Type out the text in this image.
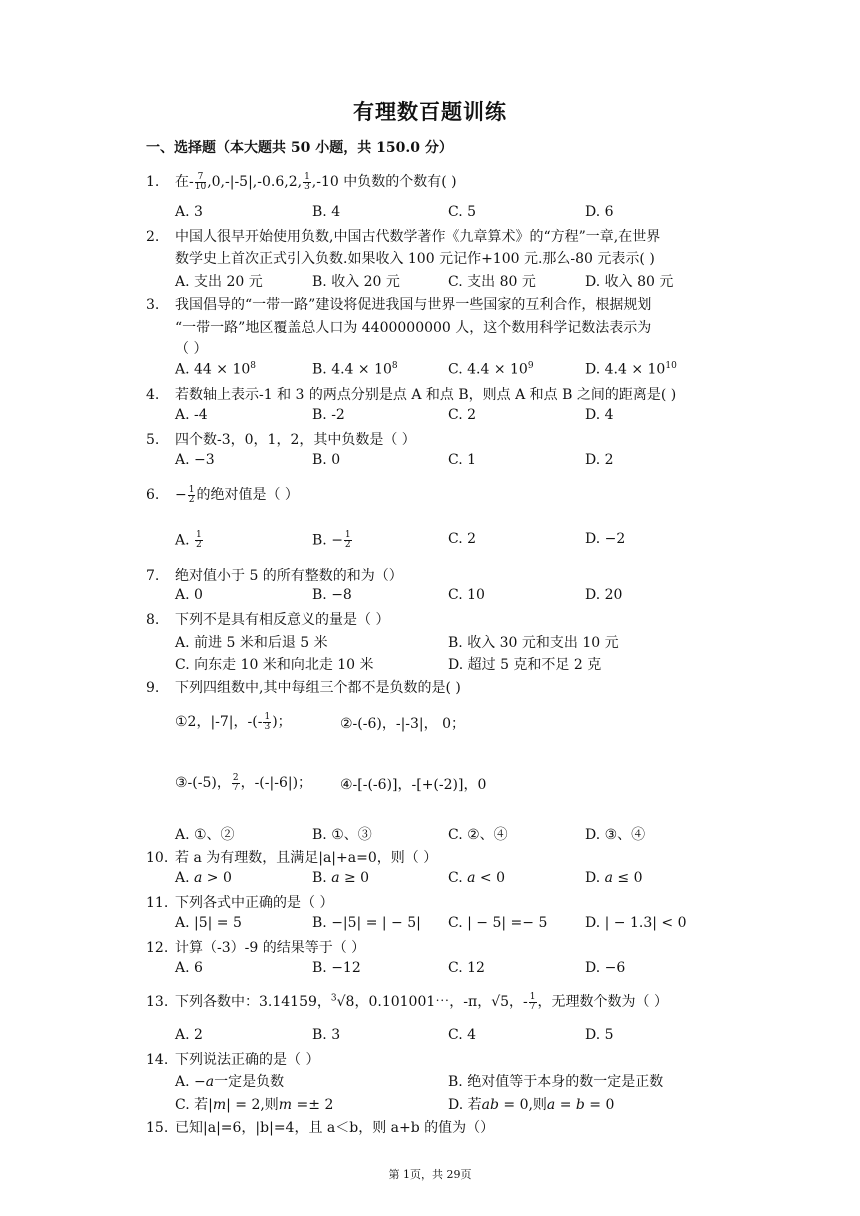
有理数百题训练
一、选择题（本大题共 50 小题，共 150.0 分）
1. 在- $\frac{7}{10} ,0,-|-5|,-0.6,2$, $\frac{1}{3} ,-10$ 中负数的个数有( )
A. 3	B. 4	C. 5	D. 6
2. 中国人很早开始使用负数,中国古代数学著作《九章算术》的“方程”一章,在世界
数学史上首次正式引入负数.如果收入 100 元记作+100 元.那么-80 元表示( )
A. 支出 20 元	B. 收入 20 元	C. 支出 80 元	D. 收入 80 元
3. 我国倡导的“一带一路”建设将促进我国与世界一些国家的互利合作，根据规划
“一带一路”地区覆盖总人口为 4400000000 人，这个数用科学记数法表示为
（ ）
A. $44 \times 10^8$	B. $4.4 \times 10^8$	C. $4.4 \times 10^9$	D. $4.4 \times 10^{10}$
4. 若数轴上表示-1 和 3 的两点分别是点 A 和点 B，则点 A 和点 B 之间的距离是( )
A. -4	B. -2	C. 2	D. 4
5. 四个数-3，0，1，2，其中负数是（ ）
A. −3	B. 0	C. 1	D. 2
6. − $\frac{1}{2}$ 的绝对值是（ ）
A. $\frac{1}{2}$	B. − $\frac{1}{2}$	C. 2	D. −2
7. 绝对值小于 5 的所有整数的和为（）
A. 0	B. −8	C. 10	D. 20
8. 下列不是具有相反意义的量是（ ）
A. 前进 5 米和后退 5 米	B. 收入 30 元和支出 10 元
C. 向东走 10 米和向北走 10 米	D. 超过 5 克和不足 2 克
9. 下列四组数中,其中每组三个都不是负数的是( )
①2，|-7|，-(- $\frac{1}{3}$ )；	②-(-6)，-|-3|， 0；
③-(-5)， $\frac{2}{7}$ ，-(-|-6|)； ④-[-(-6)]，-[+(-2)]，0
A. ①、②	B. ①、③	C. ②、④	D. ③、④
10. 若 a 为有理数，且满足|a|+a=0，则（ ）
A. 𝑎 > 0	B. 𝑎 ≥ 0	C. 𝑎 < 0	D. 𝑎 ≤ 0
11. 下列各式中正确的是（ ）
A. |5| = 5	B. −|5| = | − 5| C. | − 5| =− 5	D. | − 1.3| < 0
12. 计算（-3）-9 的结果等于（ ）
A. 6	B. −12	C. 12	D. −6
13. 下列各数中：3.14159，$^3$√8，0.101001⋯，-π，√5，- $\frac{1}{7}$ ，无理数个数为（ ）
A. 2	B. 3	C. 4	D. 5
14. 下列说法正确的是（ ）
A. −𝑎一定是负数	B. 绝对值等于本身的数一定是正数
C. 若|𝑚| = 2,则𝑚 =± 2	D. 若𝑎𝑏 = 0,则𝑎 = 𝑏 = 0
15. 已知|a|=6，|b|=4，且 a＜b，则 a+b 的值为（）
第 1页，共 29页
